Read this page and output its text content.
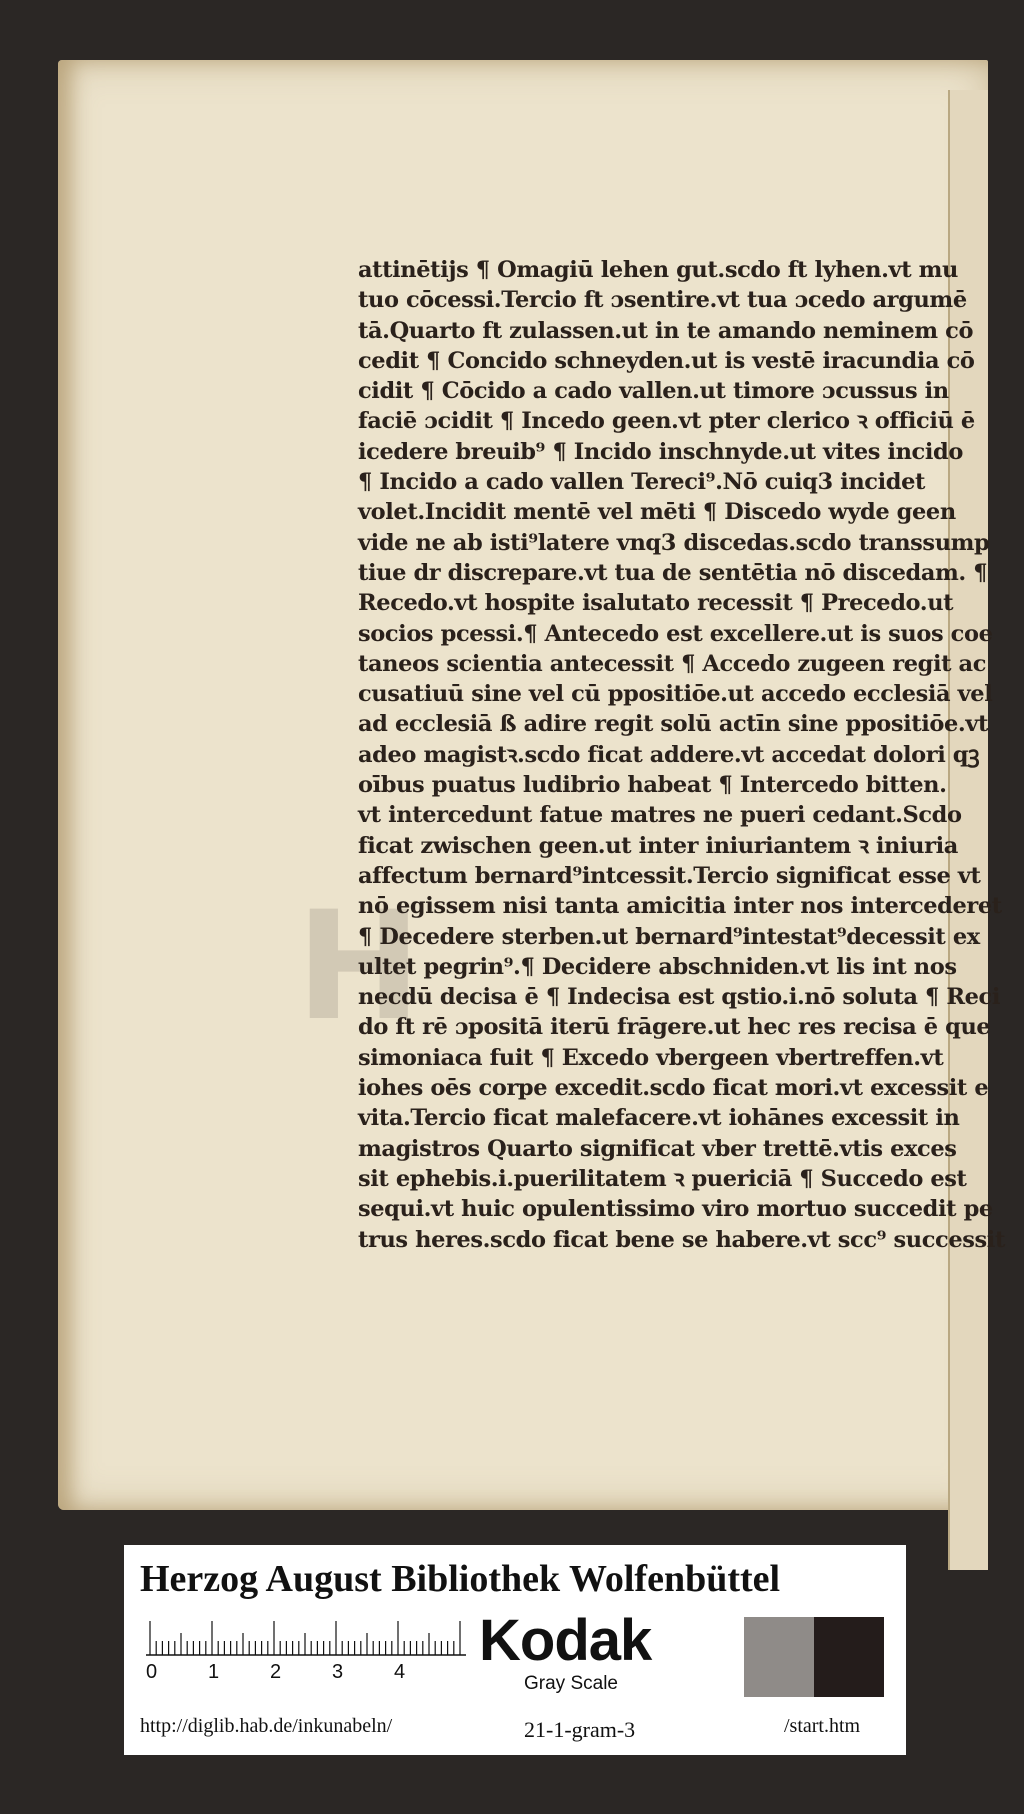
H
attinētijs ¶ Omagiū lehen gut.scdo ft lyhen.vt mu
tuo cōcessi.Tercio ft ɔsentire.vt tua ɔcedo argumē
tā.Quarto ft zulassen.ut in te amando neminem cō
cedit ¶ Concido schneyden.ut is vestē iracundia cō
cidit ¶ Cōcido a cado vallen.ut timore ɔcussus in
faciē ɔcidit ¶ Incedo geen.vt pter clerico ꝛ officiū ē
icedere breuib⁹ ¶ Incido inschnyde.ut vites incido
¶ Incido a cado vallen Tereci⁹.Nō cuiq3 incidet
volet.Incidit mentē vel mēti ¶ Discedo wyde geen
vide ne ab isti⁹latere vnq3 discedas.scdo transsump
tiue dr discrepare.vt tua de sentētia nō discedam. ¶
Recedo.vt hospite isalutato recessit ¶ Precedo.ut
socios pcessi.¶ Antecedo est excellere.ut is suos coe
taneos scientia antecessit ¶ Accedo zugeen regit ac
cusatiuū sine vel cū ppositiōe.ut accedo ecclesiā vel
ad ecclesiā ß adire regit solū actīn sine ppositiōe.vt
adeo magistꝛ.scdo ficat addere.vt accedat dolori qꝫ
oībus puatus ludibrio habeat ¶ Intercedo bitten.
vt intercedunt fatue matres ne pueri cedant.Scdo
ficat zwischen geen.ut inter iniuriantem ꝛ iniuria
affectum bernard⁹intcessit.Tercio significat esse vt
nō egissem nisi tanta amicitia inter nos intercederet
¶ Decedere sterben.ut bernard⁹intestat⁹decessit ex
ultet pegrin⁹.¶ Decidere abschniden.vt lis int nos
necdū decisa ē ¶ Indecisa est qstio.i.nō soluta ¶ Reci
do ft rē ɔpositā iterū frāgere.ut hec res recisa ē que
simoniaca fuit ¶ Excedo vbergeen vbertreffen.vt
iohes oēs corpe excedit.scdo ficat mori.vt excessit e
vita.Tercio ficat malefacere.vt iohānes excessit in
magistros Quarto significat vber trettē.vtis exces
sit ephebis.i.puerilitatem ꝛ puericiā ¶ Succedo est
sequi.vt huic opulentissimo viro mortuo succedit pe
trus heres.scdo ficat bene se habere.vt scc⁹ successit
Herzog August Bibliothek Wolfenbüttel
0	1	2	3	4 Kodak
Gray Scale
http://diglib.hab.de/inkunabeln/	21-1-gram-3	/start.htm
